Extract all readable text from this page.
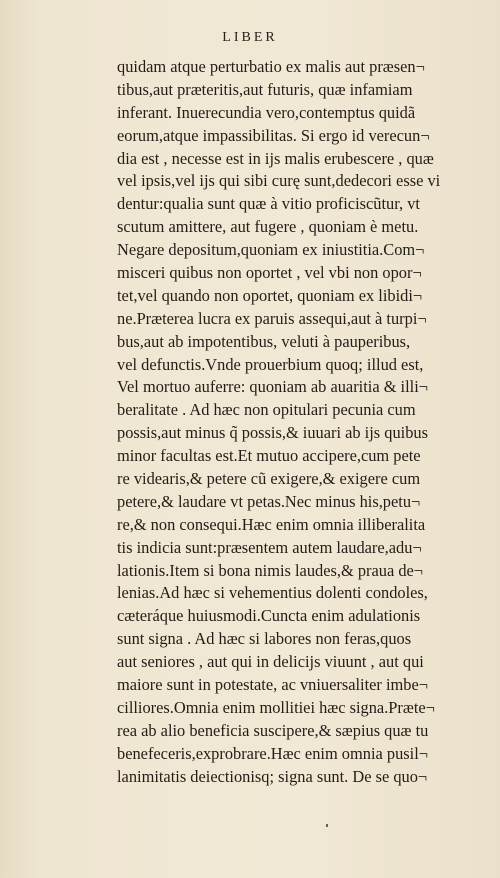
LIBER
quidam atque perturbatio ex malis aut præsen¬
tibus,aut præteritis,aut futuris, quæ infamiam
inferant. Inuerecundia vero,contemptus quidã
eorum,atque impassibilitas. Si ergo id verecun¬
dia est , necesse est in ijs malis erubescere , quæ
vel ipsis,vel ijs qui sibi curę sunt,dedecori esse vi
dentur:qualia sunt quæ à vitio proficiscũtur, vt
scutum amittere, aut fugere , quoniam è metu.
Negare depositum,quoniam ex iniustitia.Com¬
misceri quibus non oportet , vel vbi non opor¬
tet,vel quando non oportet, quoniam ex libidi¬
ne.Præterea lucra ex paruis assequi,aut à turpi¬
bus,aut ab impotentibus, veluti à pauperibus,
vel defunctis.Vnde prouerbium quoq; illud est,
Vel mortuo auferre: quoniam ab auaritia & illi¬
beralitate . Ad hæc non opitulari pecunia cum
possis,aut minus q̃ possis,& iuuari ab ijs quibus
minor facultas est.Et mutuo accipere,cum pete
re videaris,& petere cũ exigere,& exigere cum
petere,& laudare vt petas.Nec minus his,petu¬
re,& non consequi.Hæc enim omnia illiberalita
tis indicia sunt:præsentem autem laudare,adu¬
lationis.Item si bona nimis laudes,& praua de¬
lenias.Ad hæc si vehementius dolenti condoles,
cæteráque huiusmodi.Cuncta enim adulationis
sunt signa . Ad hæc si labores non feras,quos
aut seniores , aut qui in delicijs viuunt , aut qui
maiore sunt in potestate, ac vniuersaliter imbe¬
cilliores.Omnia enim mollitiei hæc signa.Præte¬
rea ab alio beneficia suscipere,& sæpius quæ tu
benefeceris,exprobrare.Hæc enim omnia pusil¬
lanimitatis deiectionisq; signa sunt. De se quo¬
